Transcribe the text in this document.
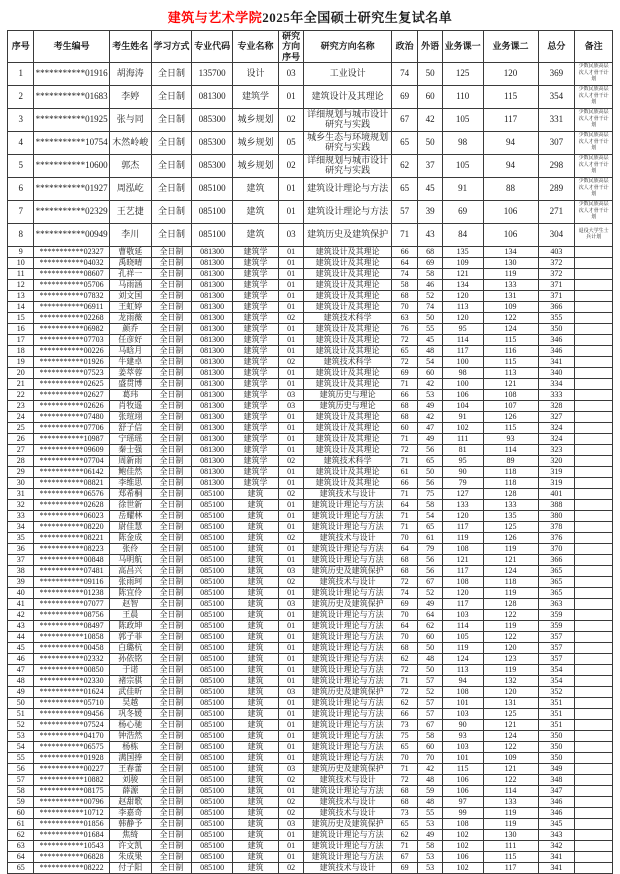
建筑与艺术学院2025年全国硕士研究生复试名单
序号	考生编号	考生姓名	学习方式	专业代码	专业名称	研究方向序号	研究方向名称	政治	外语	业务课一	业务课二	总分	备注
1	***********01916	胡海涛	全日制	135700	设计	03	工业设计	74	50	125	120	369	少数民族高层次人才骨干计划
2	***********01683	李婷	全日制	081300	建筑学	01	建筑设计及其理论	69	60	110	115	354	少数民族高层次人才骨干计划
3	***********01925	张与同	全日制	085300	城乡规划	02	详细规划与城市设计研究与实践	67	42	105	117	331	少数民族高层次人才骨干计划
4	***********10754	木然岭峻	全日制	085300	城乡规划	05	城乡生态与环境规划研究与实践	65	50	98	94	307	少数民族高层次人才骨干计划
5	***********10600	郭杰	全日制	085300	城乡规划	02	详细规划与城市设计研究与实践	62	37	105	94	298	少数民族高层次人才骨干计划
6	***********01927	周泓屹	全日制	085100	建筑	01	建筑设计理论与方法	65	45	91	88	289	少数民族高层次人才骨干计划
7	***********02329	王艺捷	全日制	085100	建筑	01	建筑设计理论与方法	57	39	69	106	271	少数民族高层次人才骨干计划
8	***********00949	李川	全日制	085100	建筑	03	建筑历史及建筑保护	71	43	84	106	304	退役大学生士兵计划
9	***********02327	曹敬延	全日制	081300	建筑学	01	建筑设计及其理论	66	68	135	134	403	
10	***********04032	禹晓晴	全日制	081300	建筑学	01	建筑设计及其理论	64	69	109	130	372	
11	***********08607	孔祥一	全日制	081300	建筑学	01	建筑设计及其理论	74	58	121	119	372	
12	***********05706	马雨涵	全日制	081300	建筑学	01	建筑设计及其理论	58	46	134	133	371	
13	***********07832	刘文国	全日制	081300	建筑学	01	建筑设计及其理论	68	52	120	131	371	
14	***********06911	王虹婷	全日制	081300	建筑学	01	建筑设计及其理论	70	74	113	109	366	
15	***********02268	龙雨薇	全日制	081300	建筑学	02	建筑技术科学	63	50	120	122	355	
16	***********06982	颜乔	全日制	081300	建筑学	01	建筑设计及其理论	76	55	95	124	350	
17	***********07703	任彦好	全日制	081300	建筑学	01	建筑设计及其理论	72	45	114	115	346	
18	***********00226	马晗月	全日制	081300	建筑学	01	建筑设计及其理论	65	48	117	116	346	
19	***********01926	牛建卓	全日制	081300	建筑学	02	建筑技术科学	72	54	100	115	341	
20	***********07523	姜萃蓉	全日制	081300	建筑学	01	建筑设计及其理论	69	60	98	113	340	
21	***********02625	盛贯博	全日制	081300	建筑学	01	建筑设计及其理论	71	42	100	121	334	
22	***********02627	葛玮	全日制	081300	建筑学	03	建筑历史与理论	66	53	106	108	333	
23	***********02626	肖牧遥	全日制	081300	建筑学	03	建筑历史与理论	68	49	104	107	328	
24	***********07480	张瑄翊	全日制	081300	建筑学	01	建筑设计及其理论	68	42	91	126	327	
25	***********07706	舒子信	全日制	081300	建筑学	01	建筑设计及其理论	60	47	102	115	324	
26	***********10987	宁瑶瑶	全日制	081300	建筑学	01	建筑设计及其理论	71	49	111	93	324	
27	***********09609	秦士强	全日制	081300	建筑学	01	建筑设计及其理论	72	56	81	114	323	
28	***********07704	周新雨	全日制	081300	建筑学	02	建筑技术科学	71	65	95	89	320	
29	***********06142	鲍佳然	全日制	081300	建筑学	01	建筑设计及其理论	61	50	90	118	319	
30	***********08821	李维思	全日制	081300	建筑学	01	建筑设计及其理论	66	56	79	118	319	
31	***********06576	郑希桐	全日制	085100	建筑	02	建筑技术与设计	71	75	127	128	401	
32	***********02628	徐世新	全日制	085100	建筑	01	建筑设计理论与方法	64	58	133	133	388	
33	***********06023	岳耀林	全日制	085100	建筑	01	建筑设计理论与方法	71	54	120	135	380	
34	***********08220	尉佳慧	全日制	085100	建筑	01	建筑设计理论与方法	71	65	117	125	378	
35	***********08221	陈金成	全日制	085100	建筑	02	建筑技术与设计	70	61	119	126	376	
36	***********08223	张伶	全日制	085100	建筑	01	建筑设计理论与方法	64	79	108	119	370	
37	***********00848	马明航	全日制	085100	建筑	01	建筑设计理论与方法	68	56	121	121	366	
38	***********07481	高昌兴	全日制	085100	建筑	03	建筑历史及建筑保护	68	56	117	124	365	
39	***********09116	张雨珂	全日制	085100	建筑	02	建筑技术与设计	72	67	108	118	365	
40	***********01238	陈宜伶	全日制	085100	建筑	01	建筑设计理论与方法	74	52	120	119	365	
41	***********07077	赵智	全日制	085100	建筑	03	建筑历史及建筑保护	69	49	117	128	363	
42	***********08756	王晨	全日制	085100	建筑	01	建筑设计理论与方法	70	64	103	122	359	
43	***********08497	陈政坤	全日制	085100	建筑	01	建筑设计理论与方法	64	62	114	119	359	
44	***********10858	郭子菲	全日制	085100	建筑	01	建筑设计理论与方法	70	60	105	122	357	
45	***********00458	白璐杭	全日制	085100	建筑	01	建筑设计理论与方法	68	50	119	120	357	
46	***********02332	孙依铭	全日制	085100	建筑	01	建筑设计理论与方法	62	48	124	123	357	
47	***********00850	于诺	全日制	085100	建筑	01	建筑设计理论与方法	72	50	113	119	354	
48	***********02330	褚宗骐	全日制	085100	建筑	01	建筑设计理论与方法	71	57	94	132	354	
49	***********01624	武佳昕	全日制	085100	建筑	03	建筑历史及建筑保护	72	52	108	120	352	
50	***********05710	吴越	全日制	085100	建筑	01	建筑设计理论与方法	62	57	101	131	351	
51	***********09456	巩冬媛	全日制	085100	建筑	01	建筑设计理论与方法	66	57	103	125	351	
52	***********07524	杨心驰	全日制	085100	建筑	01	建筑设计理论与方法	73	67	90	121	351	
53	***********04170	钟浩然	全日制	085100	建筑	01	建筑设计理论与方法	75	58	93	124	350	
54	***********06575	杨栋	全日制	085100	建筑	01	建筑设计理论与方法	65	60	103	122	350	
55	***********01928	满国捧	全日制	085100	建筑	01	建筑设计理论与方法	70	70	101	109	350	
56	***********00227	王春蕾	全日制	085100	建筑	03	建筑历史及建筑保护	71	42	115	121	349	
57	***********10882	刘骏	全日制	085100	建筑	02	建筑技术与设计	72	48	106	122	348	
58	***********08175	薛源	全日制	085100	建筑	01	建筑设计理论与方法	68	59	106	114	347	
59	***********00796	赵甜歌	全日制	085100	建筑	02	建筑技术与设计	68	48	97	133	346	
60	***********10712	李嘉奇	全日制	085100	建筑	02	建筑技术与设计	73	55	99	119	346	
61	***********01856	韩静予	全日制	085100	建筑	03	建筑历史及建筑保护	65	53	108	119	345	
62	***********01684	焦绮	全日制	085100	建筑	01	建筑设计理论与方法	62	49	102	130	343	
63	***********10543	许文凯	全日制	085100	建筑	01	建筑设计理论与方法	71	58	102	111	342	
64	***********06828	朱成果	全日制	085100	建筑	01	建筑设计理论与方法	67	53	106	115	341	
65	***********08222	付子阳	全日制	085100	建筑	02	建筑技术与设计	69	53	102	117	341	
